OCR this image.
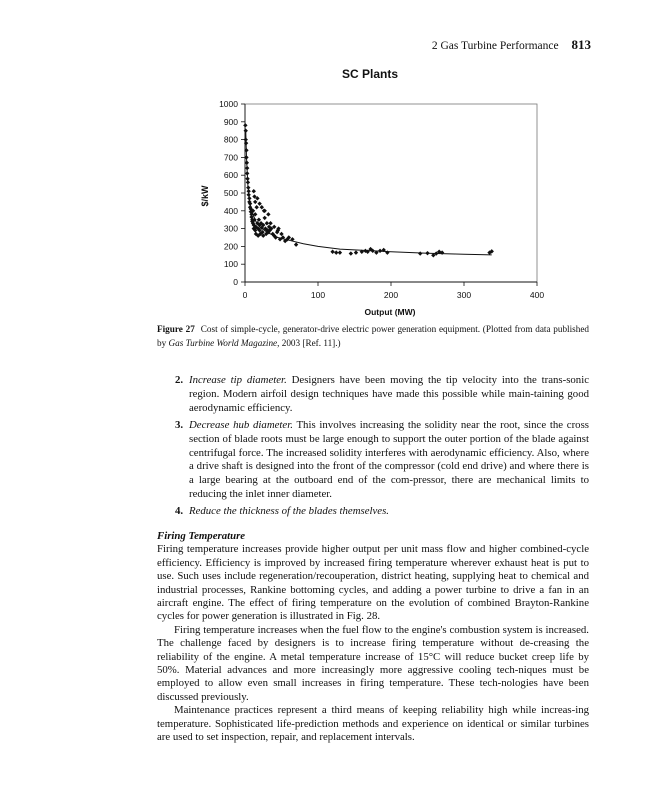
2 Gas Turbine Performance 813
SC Plants
0
100
200
300
400
500
600
700
800
900
1000
0	100	200	300	400
Output (MW)
$/kW
Figure 27 Cost of simple-cycle, generator-drive electric power generation equipment. (Plotted from data published by Gas Turbine World Magazine, 2003 [Ref. 11].)
2. Increase tip diameter. Designers have been moving the tip velocity into the trans-sonic region. Modern airfoil design techniques have made this possible while main-taining good aerodynamic efficiency.
3. Decrease hub diameter. This involves increasing the solidity near the root, since the cross section of blade roots must be large enough to support the outer portion of the blade against centrifugal force. The increased solidity interferes with aerodynamic efficiency. Also, where a drive shaft is designed into the front of the compressor (cold end drive) and where there is a large bearing at the outboard end of the com-pressor, there are mechanical limits to reducing the inlet inner diameter.
4. Reduce the thickness of the blades themselves.
Firing Temperature

Firing temperature increases provide higher output per unit mass flow and higher combined-cycle efficiency. Efficiency is improved by increased firing temperature wherever exhaust heat is put to use. Such uses include regeneration/recouperation, district heating, supplying heat to chemical and industrial processes, Rankine bottoming cycles, and adding a power turbine to drive a fan in an aircraft engine. The effect of firing temperature on the evolution of combined Brayton-Rankine cycles for power generation is illustrated in Fig. 28.

Firing temperature increases when the fuel flow to the engine's combustion system is increased. The challenge faced by designers is to increase firing temperature without de-creasing the reliability of the engine. A metal temperature increase of 15°C will reduce bucket creep life by 50%. Material advances and more increasingly more aggressive cooling tech-niques must be employed to allow even small increases in firing temperature. These tech-nologies have been discussed previously.

Maintenance practices represent a third means of keeping reliability high while increas-ing temperature. Sophisticated life-prediction methods and experience on identical or similar turbines are used to set inspection, repair, and replacement intervals.
